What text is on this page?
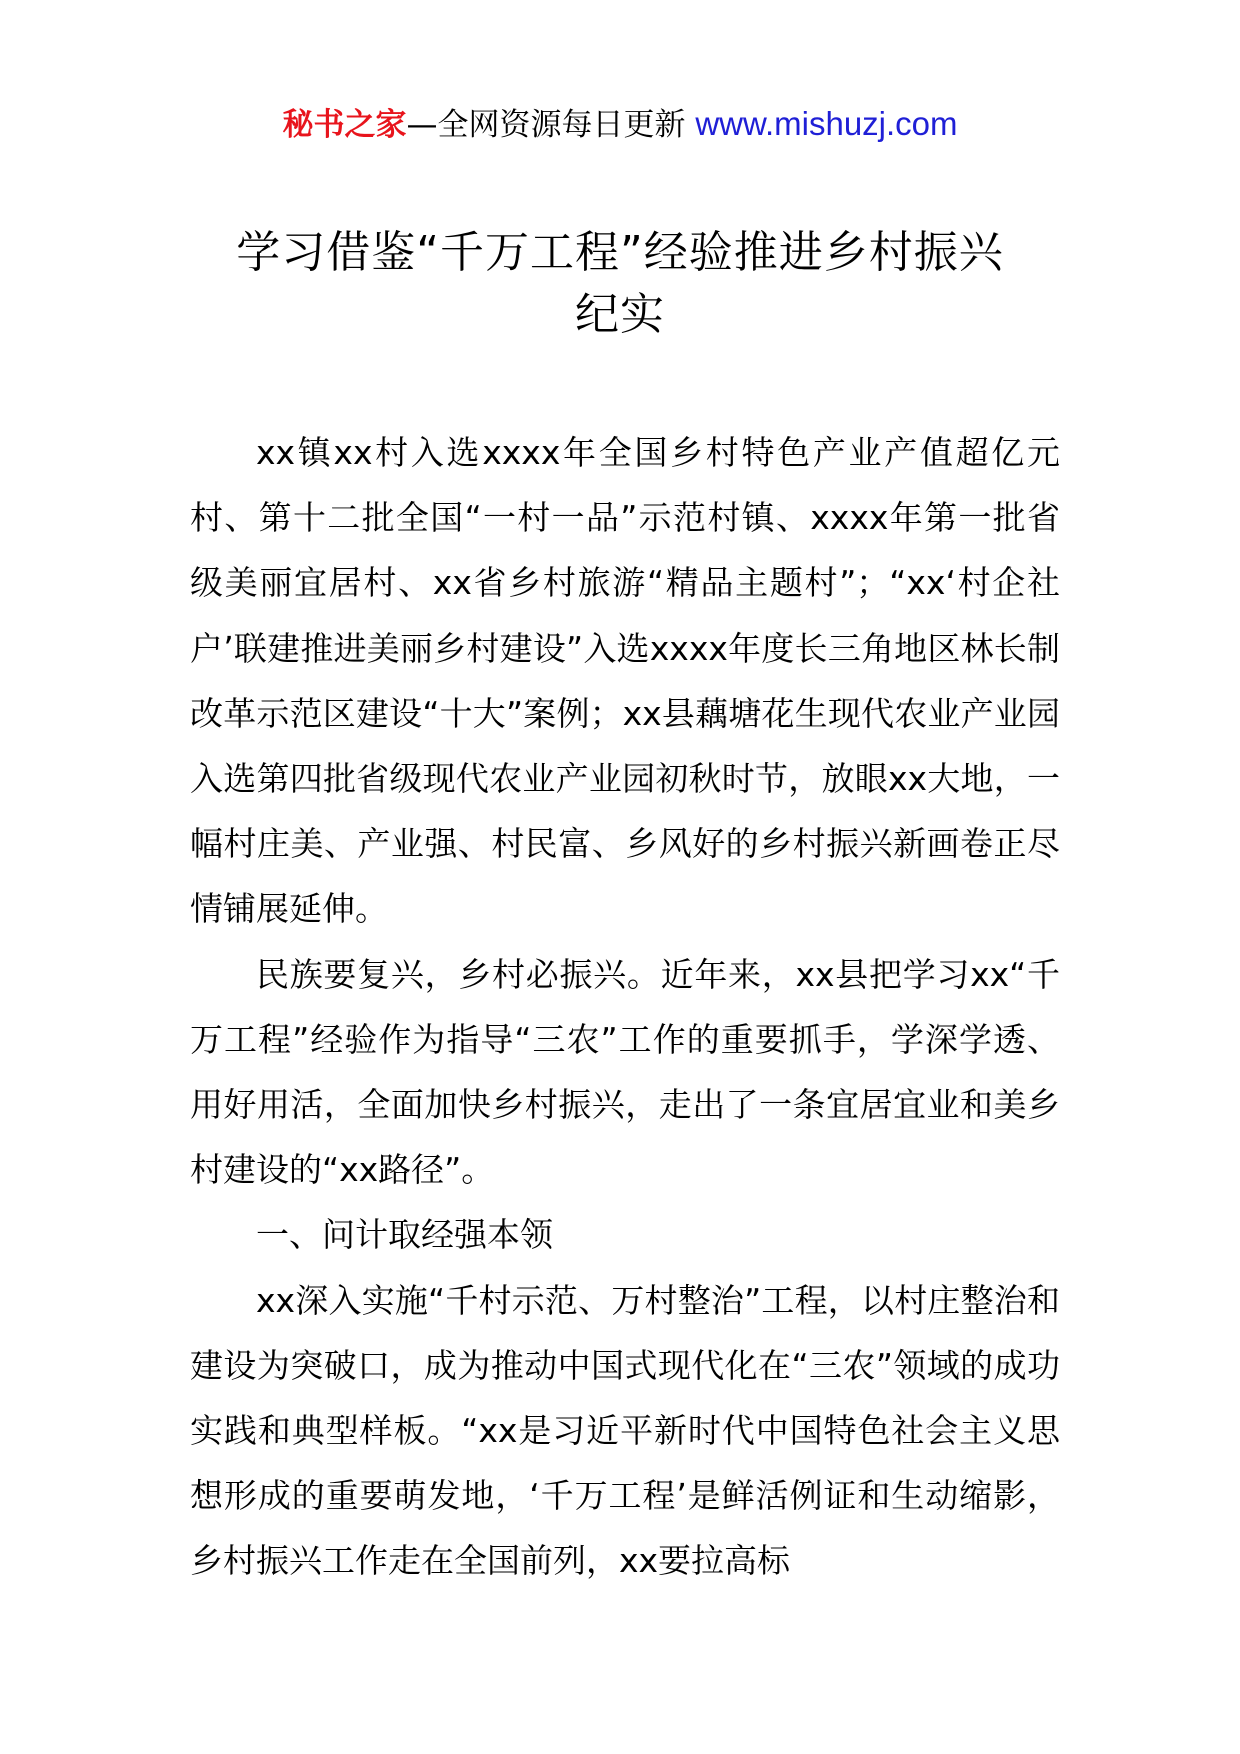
秘书之家—全网资源每日更新 www.mishuzj.com
学习借鉴“千万工程”经验推进乡村振兴
纪实

xx镇xx村入选xxxx年全国乡村特色产业产值超亿元村、第十二批全国“一村一品”示范村镇、xxxx年第一批省级美丽宜居村、xx省乡村旅游“精品主题村”；“xx‘村企社户’联建推进美丽乡村建设”入选xxxx年度长三角地区林长制改革示范区建设“十大”案例；xx县藕塘花生现代农业产业园入选第四批省级现代农业产业园初秋时节，放眼xx大地，一幅村庄美、产业强、村民富、乡风好的乡村振兴新画卷正尽情铺展延伸。

民族要复兴，乡村必振兴。近年来，xx县把学习xx“千万工程”经验作为指导“三农”工作的重要抓手，学深学透、用好用活，全面加快乡村振兴，走出了一条宜居宜业和美乡村建设的“xx路径”。

一、问计取经强本领

xx深入实施“千村示范、万村整治”工程，以村庄整治和建设为突破口，成为推动中国式现代化在“三农”领域的成功实践和典型样板。“xx是习近平新时代中国特色社会主义思想形成的重要萌发地，‘千万工程’是鲜活例证和生动缩影，乡村振兴工作走在全国前列，xx要拉高标
